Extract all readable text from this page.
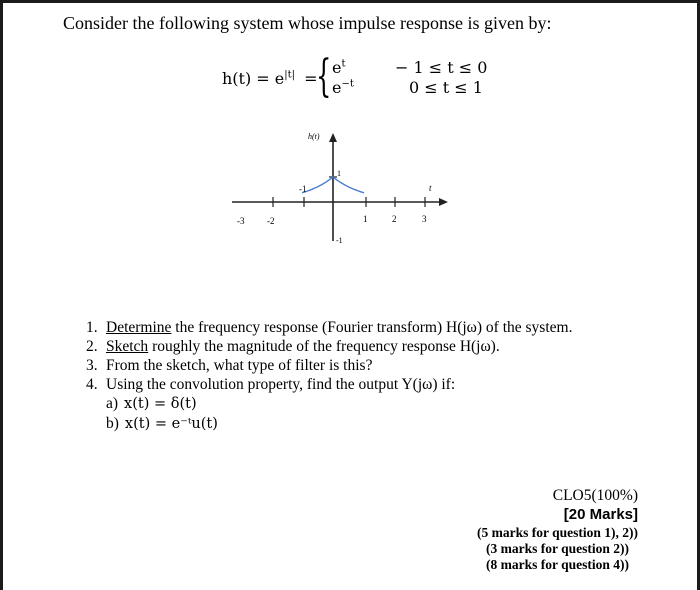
Consider the following system whose impulse response is given by:
$h(t) = e^{|t|}$ =
{ $e^t$
$e^{-t}$
− 1 ≤ t ≤ 0
0 ≤ t ≤ 1
h(t)
t
-3	-2
-1
1	2	3
1
-1
1. Determine the frequency response (Fourier transform) H(jω) of the system.
2. Sketch roughly the magnitude of the frequency response H(jω).
3. From the sketch, what type of filter is this?
4. Using the convolution property, find the output Y(jω) if:
a) x(t) = δ(t)
b) x(t) = e⁻ᵗu(t)
CLO5(100%)
[20 Marks]
(5 marks for question 1), 2))
(3 marks for question 2))
(8 marks for question 4))
